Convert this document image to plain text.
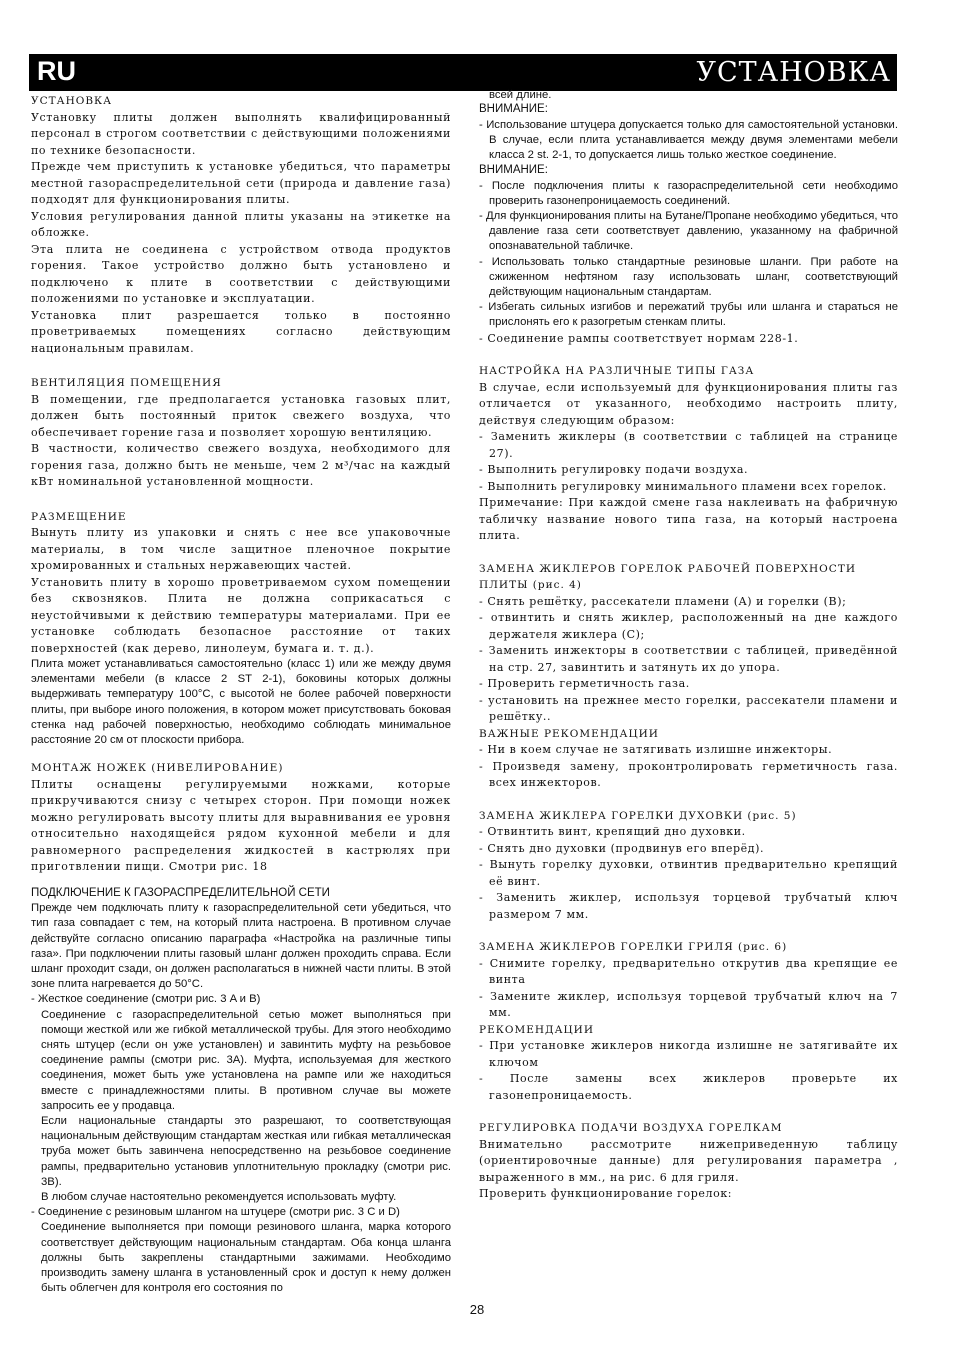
RU	УСТАНОВКА
УСТАНОВКА

Установку плиты должен выполнять квалифицированный персонал в строгом соответствии с действующими положениями по технике безопасности.

Прежде чем приступить к установке убедиться, что параметры местной газораспределительной сети (природа и давление газа) подходят для функционирования плиты.

Условия регулирования данной плиты указаны на этикетке на обложке.

Эта плита не соединена с устройством отвода продуктов горения. Такое устройство должно быть установлено и подключено к плите в соответствии с действующими положениями по установке и эксплуатации.

Установка плит разрешается только в постоянно проветриваемых помещениях согласно действующим национальным правилам.

ВЕНТИЛЯЦИЯ ПОМЕЩЕНИЯ

В помещении, где предполагается установка газовых плит, должен быть постоянный приток свежего воздуха, что обеспечивает горение газа и позволяет хорошую вентиляцию.

В частности, количество свежего воздуха, необходимого для горения газа, должно быть не меньше, чем 2 м³/час на каждый кВт номинальной установленной мощности.

РАЗМЕЩЕНИЕ

Вынуть плиту из упаковки и снять с нее все упаковочные материалы, в том числе защитное пленочное покрытие хромированных и стальных нержавеющих частей.

Установить плиту в хорошо проветриваемом сухом помещении без сквозняков. Плита не должна соприкасаться с неустойчивыми к действию температуры материалами. При ее установке соблюдать безопасное расстояние от таких поверхностей (как дерево, линолеум, бумага и. т. д.).

Плита может устанавливаться самостоятельно (класс 1) или же между двумя элементами мебели (в классе 2 ST 2-1), боковины которых должны выдерживать температуру 100°С, с высотой не более рабочей поверхности плиты, при выборе иного положения, в котором может присутствовать боковая стенка над рабочей поверхностью, необходимо соблюдать минимальное расстояние 20 см от плоскости прибора.

МОНТАЖ НОЖЕК (НИВЕЛИРОВАНИЕ)

Плиты оснащены регулируемыми ножками, которые прикручиваются снизу с четырех сторон. При помощи ножек можно регулировать высоту плиты для выравнивания ее уровня относительно находящейся рядом кухонной мебели и для равномерного распределения жидкостей в кастрюлях при приготвлении пищи. Смотри рис. 18

ПОДКЛЮЧЕНИЕ К ГАЗОРАСПРЕДЕЛИТЕЛЬНОЙ СЕТИ

Прежде чем подключать плиту к газораспределительной сети убедиться, что тип газа совпадает с тем, на который плита настроена. В противном случае действуйте согласно описанию параграфа «Настройка на различные типы газа». При подключении плиты газовый шланг должен проходить справа. Если шланг проходит сзади, он должен располагаться в нижней части плиты. В этой зоне плита нагревается до 50°С.

- Жесткое соединение (смотри рис. 3 A и B)

Соединение с газораспределительной сетью может выполняться при помощи жесткой или же гибкой металлической трубы. Для этого необходимо снять штуцер (если он уже установлен) и завинтить муфту на резьбовое соединение рампы (смотри рис. 3A). Муфта, используемая для жесткого соединения, может быть уже установлена на рампе или же находиться вместе с принадлежностями плиты. В противном случае вы можете запросить ее у продавца.

Если национальные стандарты это разрешают, то соответствующая национальным действующим стандартам жесткая или гибкая металлическая труба может быть завинчена непосредственно на резьбовое соединение рампы, предварительно установив уплотнительную прокладку (смотри рис. 3B).

В любом случае настоятельно рекомендуется использовать муфту.

- Соединение с резиновым шлангом на штуцере (смотри рис. 3 C и D)

Соединение выполняется при помощи резинового шланга, марка которого соответствует действующим национальным стандартам. Оба конца шланга должны быть закреплены стандартными зажимами. Необходимо производить замену шланга в установленный срок и доступ к нему должен быть облегчен для контроля его состояния по

всей длине.

ВНИМАНИЕ:

- Использование штуцера допускается только для самостоятельной установки. В случае, если плита устанавливается между двумя элементами мебели класса 2 st. 2-1, то допускается лишь только жесткое соединение.

ВНИМАНИЕ:

- После подключения плиты к газораспределительной сети необходимо проверить газонепроницаемость соединений.

- Для функционирования плиты на Бутане/Пропане необходимо убедиться, что давление газа сети соответствует давлению, указанному на фабричной опознавательной табличке.

- Использовать только стандартные резиновые шланги. При работе на сжиженном нефтяном газу использовать шланг, соответствующий действующим национальным стандартам.

- Избегать сильных изгибов и пережатий трубы или шланга и стараться не прислонять его к разогретым стенкам плиты.

- Соединение рампы соответствует нормам 228-1.

НАСТРОЙКА НА РАЗЛИЧНЫЕ ТИПЫ ГАЗА

В случае, если используемый для функционирования плиты газ отличается от указанного, необходимо настроить плиту, действуя следующим образом:

- Заменить жиклеры (в соответствии с таблицей на странице 27).

- Выполнить регулировку подачи воздуха.

- Выполнить регулировку минимального пламени всех горелок.

Примечание: При каждой смене газа наклеивать на фабричную табличку название нового типа газа, на который настроена плита.

ЗАМЕНА ЖИКЛЕРОВ ГОРЕЛОК РАБОЧЕЙ ПОВЕРХНОСТИ ПЛИТЫ (рис. 4)

- Снять решётку, рассекатели пламени (A) и горелки (B);

- отвинтить и снять жиклер, расположенный на дне каждого держателя жиклера (C);

- Заменить инжекторы в соответствии с таблицей, приведённой на стр. 27, завинтить и затянуть их до упора.

- Проверить герметичность газа.

- установить на прежнее место горелки, рассекатели пламени и решётку..

ВАЖНЫЕ РЕКОМЕНДАЦИИ

- Ни в коем случае не затягивать излишне инжекторы.

- Произведя замену, проконтролировать герметичность газа. всех инжекторов.

ЗАМЕНА ЖИКЛЕРА ГОРЕЛКИ ДУХОВКИ (рис. 5)

- Отвинтить винт, крепящий дно духовки.

- Снять дно духовки (продвинув его вперёд).

- Вынуть горелку духовки, отвинтив предварительно крепящий её винт.

- Заменить жиклер, используя торцевой трубчатый ключ размером 7 мм.

ЗАМЕНА ЖИКЛЕРОВ ГОРЕЛКИ ГРИЛЯ (рис. 6)

- Снимите горелку, предварительно открутив два крепящие ее винта

- Замените жиклер, используя торцевой трубчатый ключ на 7 мм.

РЕКОМЕНДАЦИИ

- При установке жиклеров никогда излишне не затягивайте их ключом

- После замены всех жиклеров проверьте их газонепроницаемость.

РЕГУЛИРОВКА ПОДАЧИ ВОЗДУХА ГОРЕЛКАМ

Внимательно рассмотрите нижеприведенную таблицу (ориентировочные данные) для регулирования параметра , выраженного в мм., на рис. 6 для гриля.

Проверить функционирование горелок:

28
